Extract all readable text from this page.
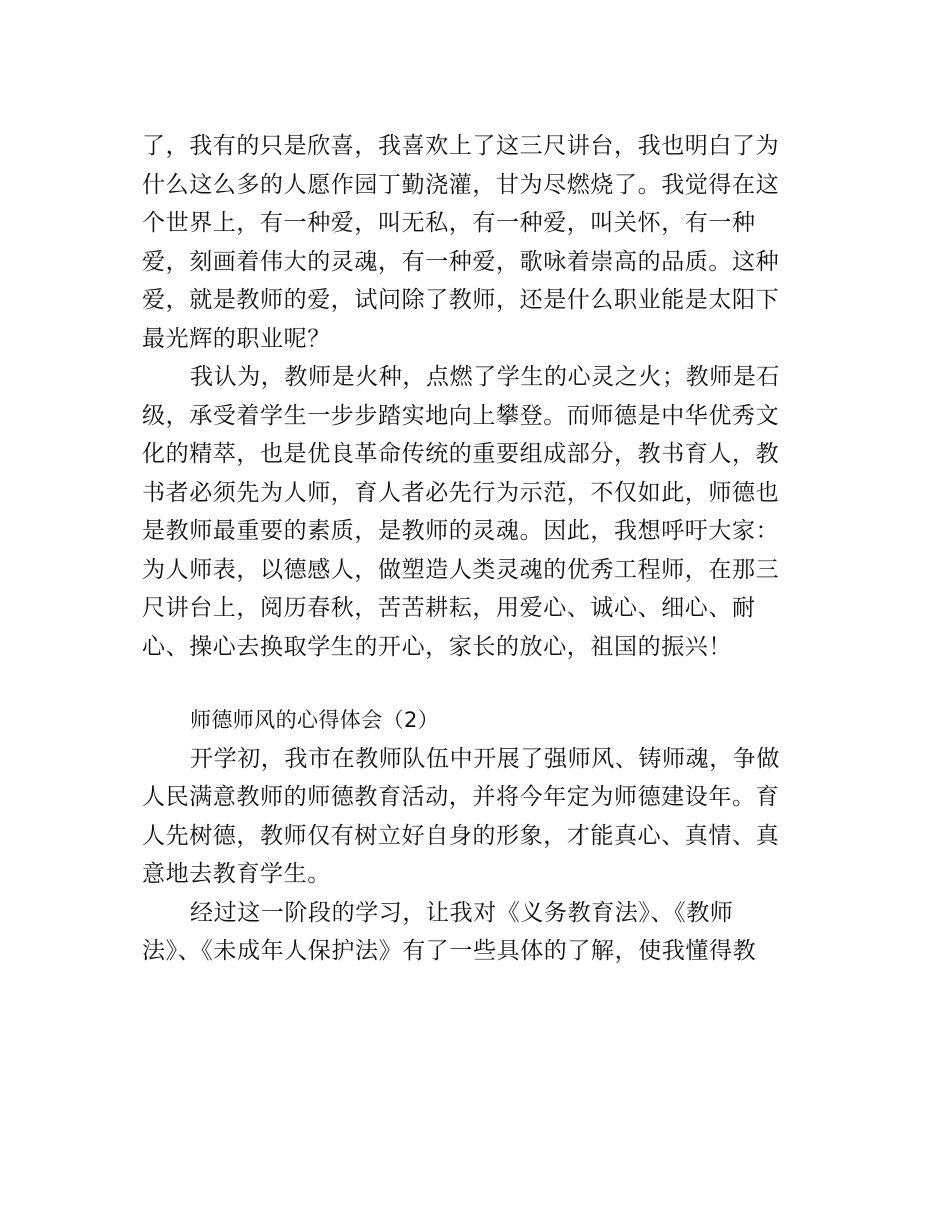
了，我有的只是欣喜，我喜欢上了这三尺讲台，我也明白了为
什么这么多的人愿作园丁勤浇灌，甘为尽燃烧了。我觉得在这
个世界上，有一种爱，叫无私，有一种爱，叫关怀，有一种
爱，刻画着伟大的灵魂，有一种爱，歌咏着崇高的品质。这种
爱，就是教师的爱，试问除了教师，还是什么职业能是太阳下
最光辉的职业呢？
我认为，教师是火种，点燃了学生的心灵之火；教师是石
级，承受着学生一步步踏实地向上攀登。而师德是中华优秀文
化的精萃，也是优良革命传统的重要组成部分，教书育人，教
书者必须先为人师，育人者必先行为示范，不仅如此，师德也
是教师最重要的素质，是教师的灵魂。因此，我想呼吁大家：
为人师表，以德感人，做塑造人类灵魂的优秀工程师，在那三
尺讲台上，阅历春秋，苦苦耕耘，用爱心、诚心、细心、耐
心、操心去换取学生的开心，家长的放心，祖国的振兴！
师德师风的心得体会（2）
开学初，我市在教师队伍中开展了强师风、铸师魂，争做
人民满意教师的师德教育活动，并将今年定为师德建设年。育
人先树德，教师仅有树立好自身的形象，才能真心、真情、真
意地去教育学生。
经过这一阶段的学习，让我对《义务教育法》、《教师
法》、《未成年人保护法》有了一些具体的了解，使我懂得教
